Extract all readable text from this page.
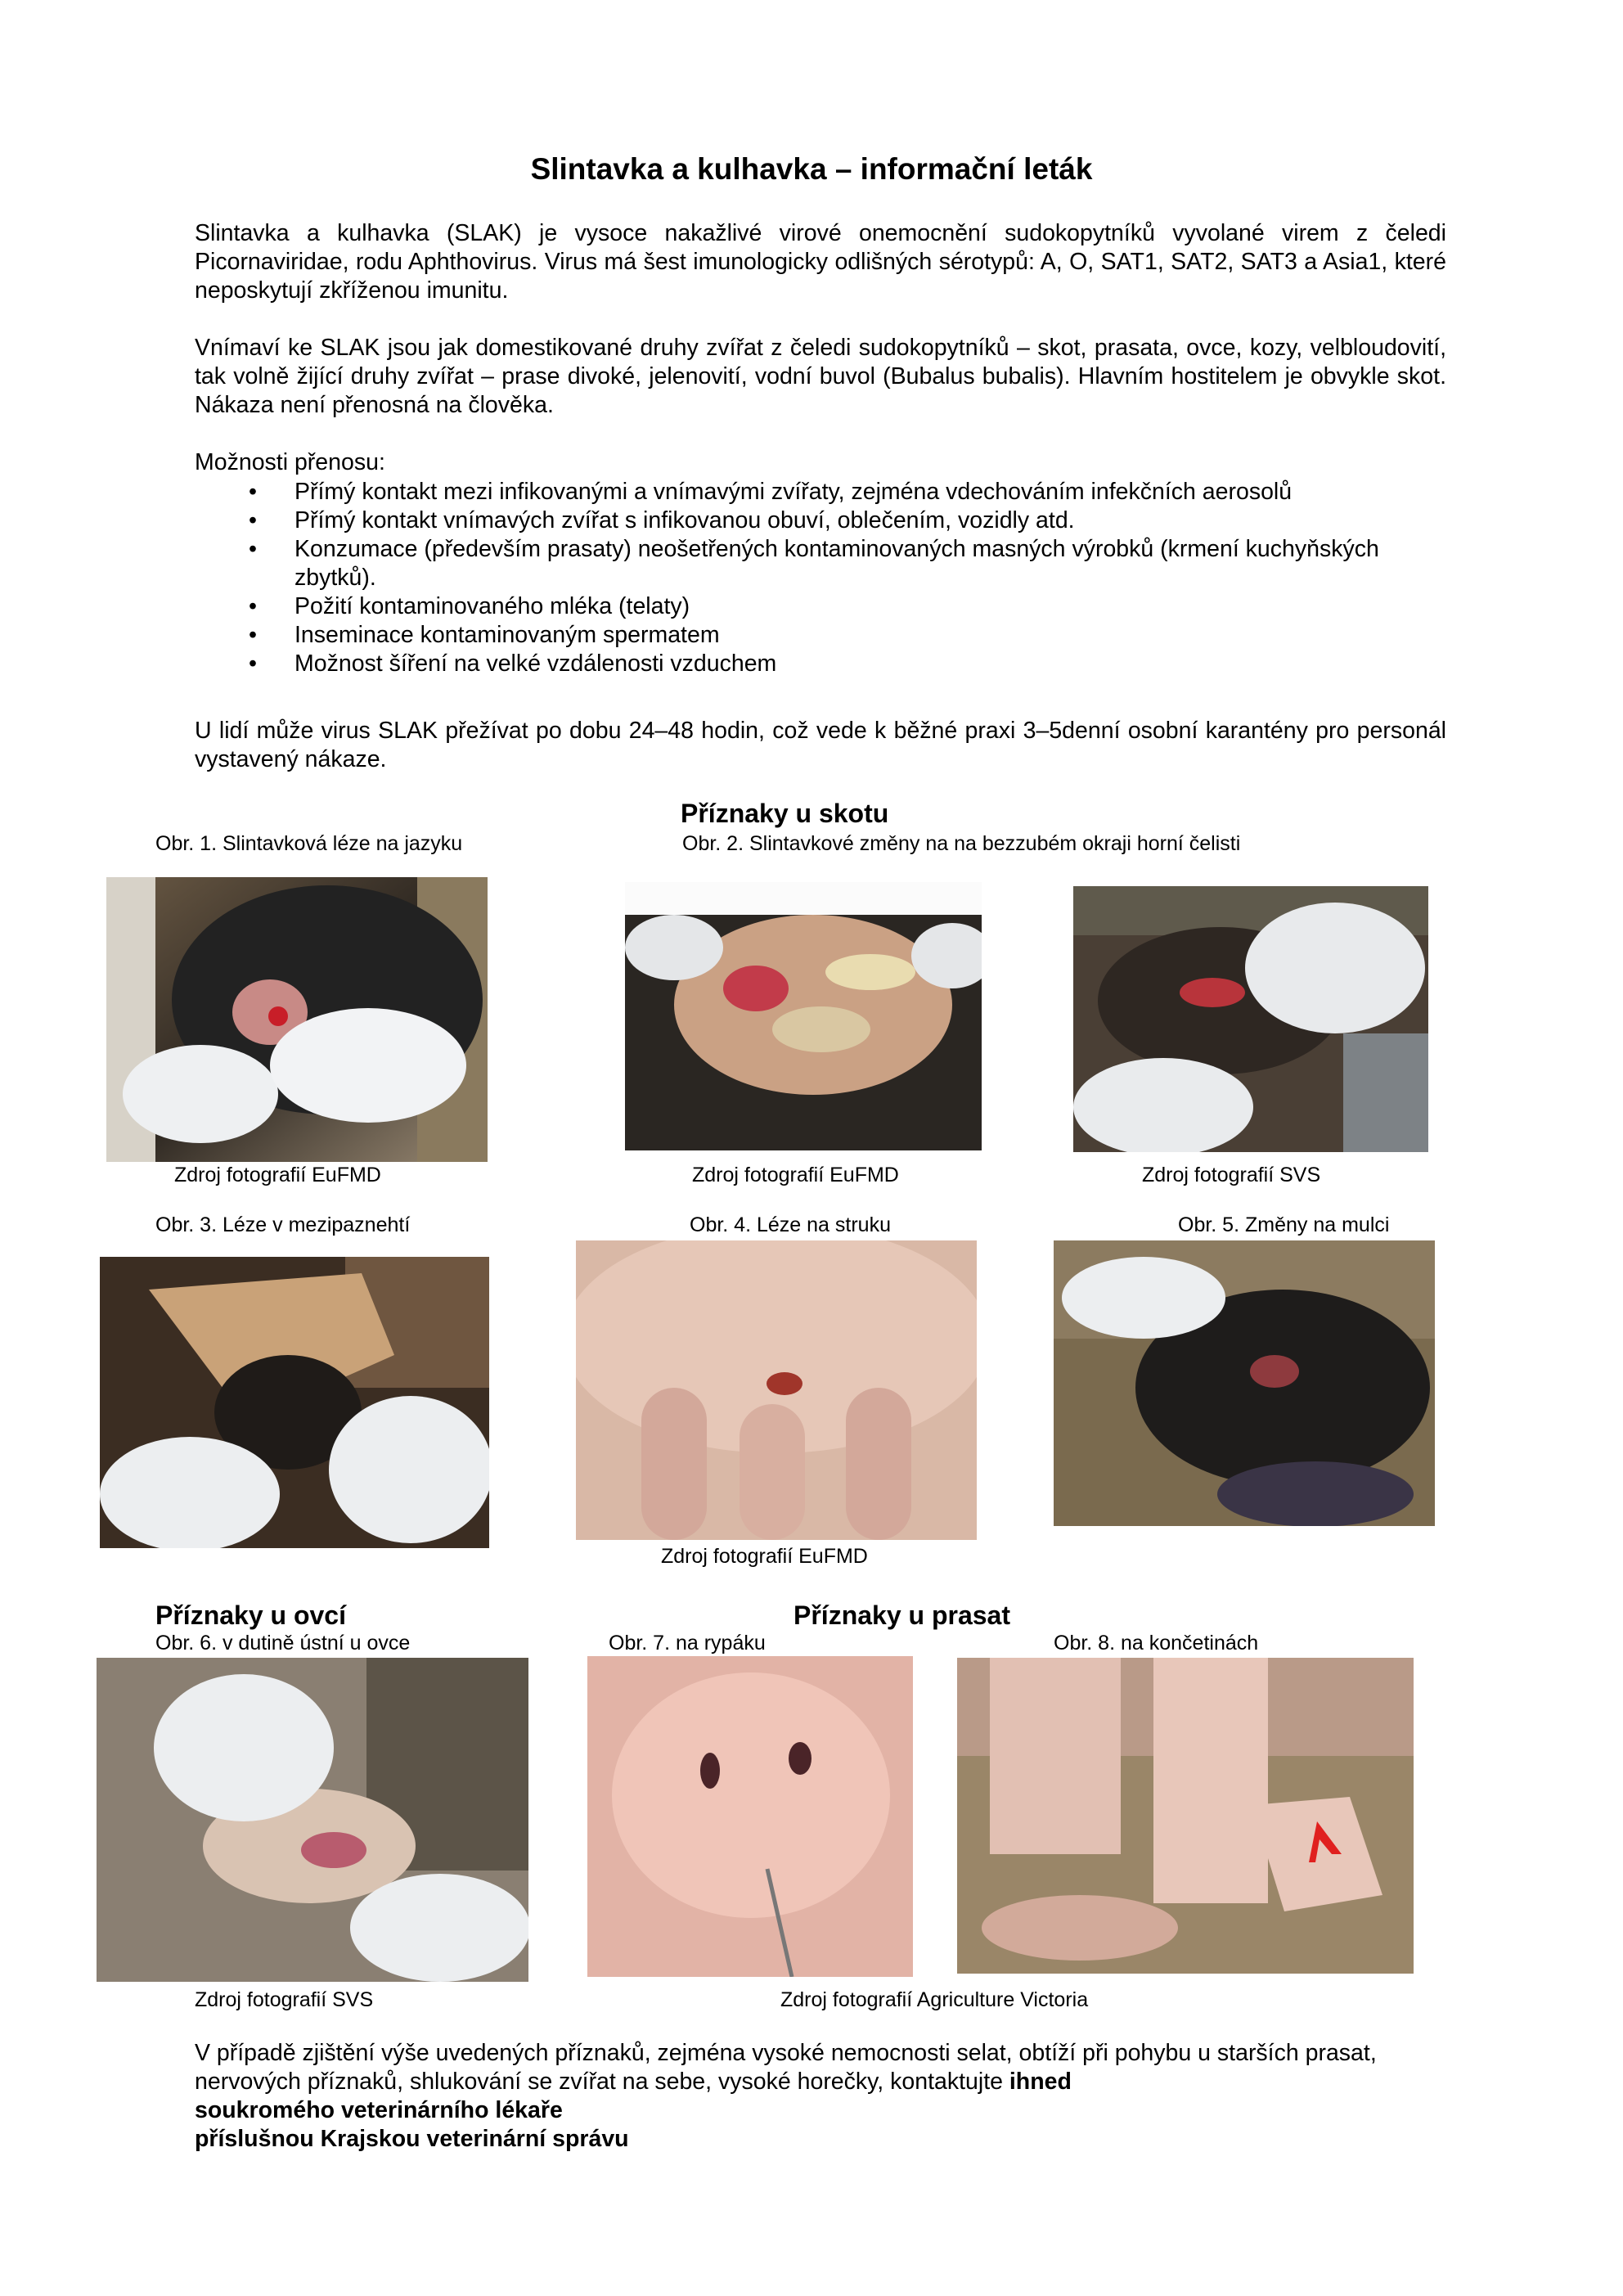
Slintavka a kulhavka – informační leták

Slintavka a kulhavka (SLAK) je vysoce nakažlivé virové onemocnění sudokopytníků vyvolané virem z čeledi Picornaviridae, rodu Aphthovirus. Virus má šest imunologicky odlišných sérotypů: A, O, SAT1, SAT2, SAT3 a Asia1, které neposkytují zkříženou imunitu.

Vnímaví ke SLAK jsou jak domestikované druhy zvířat z čeledi sudokopytníků – skot, prasata, ovce, kozy, velbloudovití, tak volně žijící druhy zvířat – prase divoké, jelenovití, vodní buvol (Bubalus bubalis). Hlavním hostitelem je obvykle skot. Nákaza není přenosná na člověka.

Možnosti přenosu:
• Přímý kontakt mezi infikovanými a vnímavými zvířaty, zejména vdechováním infekčních aerosolů
• Přímý kontakt vnímavých zvířat s infikovanou obuví, oblečením, vozidly atd.
• Konzumace (především prasaty) neošetřených kontaminovaných masných výrobků (krmení kuchyňských zbytků).
• Požití kontaminovaného mléka (telaty)
• Inseminace kontaminovaným spermatem
• Možnost šíření na velké vzdálenosti vzduchem

U lidí může virus SLAK přežívat po dobu 24–48 hodin, což vede k běžné praxi 3–5denní osobní karantény pro personál vystavený nákaze.

Příznaky u skotu
Obr. 1. Slintavková léze na jazyku	Obr. 2. Slintavkové změny na na bezzubém okraji horní čelisti
Zdroj fotografií EuFMD	Zdroj fotografií EuFMD	Zdroj fotografií SVS
Obr. 3. Léze v mezipaznehtí	Obr. 4. Léze na struku	Obr. 5. Změny na mulci
Zdroj fotografií EuFMD
Příznaky u ovcí	Příznaky u prasat
Obr. 6. v dutině ústní u ovce	Obr. 7. na rypáku	Obr. 8. na končetinách
Zdroj fotografií SVS	Zdroj fotografií Agriculture Victoria

V případě zjištění výše uvedených příznaků, zejména vysoké nemocnosti selat, obtíží při pohybu u starších prasat, nervových příznaků, shlukování se zvířat na sebe, vysoké horečky, kontaktujte ihned

soukromého veterinárního lékaře

příslušnou Krajskou veterinární správu
